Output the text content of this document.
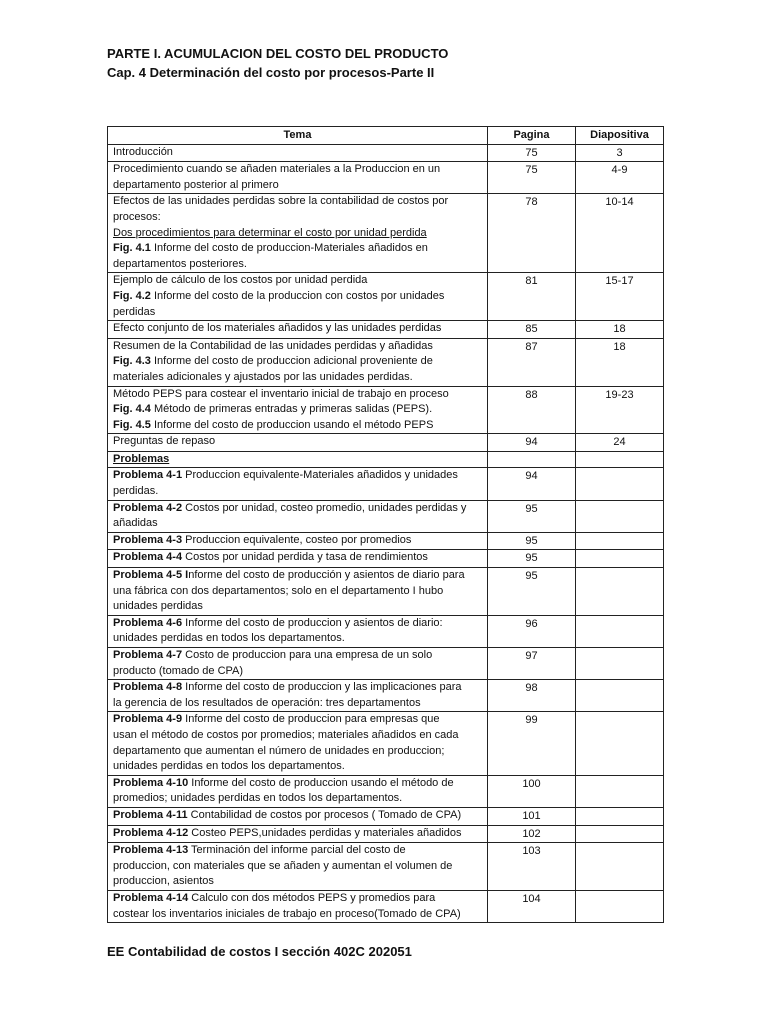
PARTE I. ACUMULACION DEL COSTO DEL PRODUCTO
Cap. 4 Determinación del costo por procesos-Parte II
Tema	Pagina	Diapositiva

Introducción	75	3

Procedimiento cuando se añaden materiales a la Produccion en un
departamento posterior al primero	75	4-9

Efectos de las unidades perdidas sobre la contabilidad de costos por
procesos:
Dos procedimientos para determinar el costo por unidad perdida
Fig. 4.1 Informe del costo de produccion-Materiales añadidos en
departamentos posteriores.	78	10-14

Ejemplo de cálculo de los costos por unidad perdida
Fig. 4.2 Informe del costo de la produccion con costos por unidades
perdidas	81	15-17

Efecto conjunto de los materiales añadidos y las unidades perdidas	85	18

Resumen de la Contabilidad de las unidades perdidas y añadidas
Fig. 4.3 Informe del costo de produccion adicional proveniente de
materiales adicionales y ajustados por las unidades perdidas.	87	18

Método PEPS para costear el inventario inicial de trabajo en proceso
Fig. 4.4 Método de primeras entradas y primeras salidas (PEPS).
Fig. 4.5 Informe del costo de produccion usando el método PEPS	88	19-23

Preguntas de repaso	94	24

Problemas		

Problema 4-1 Produccion equivalente-Materiales añadidos y unidades
perdidas.	94	

Problema 4-2 Costos por unidad, costeo promedio, unidades perdidas y
añadidas	95	

Problema 4-3 Produccion equivalente, costeo por promedios	95	

Problema 4-4 Costos por unidad perdida y tasa de rendimientos	95	

Problema 4-5 Informe del costo de producción y asientos de diario para
una fábrica con dos departamentos; solo en el departamento I hubo
unidades perdidas	95	

Problema 4-6 Informe del costo de produccion y asientos de diario:
unidades perdidas en todos los departamentos.	96	

Problema 4-7 Costo de produccion para una empresa de un solo
producto (tomado de CPA)	97	

Problema 4-8 Informe del costo de produccion y las implicaciones para
la gerencia de los resultados de operación: tres departamentos	98	

Problema 4-9 Informe del costo de produccion para empresas que
usan el método de costos por promedios; materiales añadidos en cada
departamento que aumentan el número de unidades en produccion;
unidades perdidas en todos los departamentos.	99	

Problema 4-10 Informe del costo de produccion usando el método de
promedios; unidades perdidas en todos los departamentos.	100	

Problema 4-11 Contabilidad de costos por procesos ( Tomado de CPA)	101	

Problema 4-12 Costeo PEPS,unidades perdidas y materiales añadidos	102	

Problema 4-13 Terminación del informe parcial del costo de
produccion, con materiales que se añaden y aumentan el volumen de
produccion, asientos	103	

Problema 4-14 Calculo con dos métodos PEPS y promedios para
costear los inventarios iniciales de trabajo en proceso(Tomado de CPA)	104	
EE Contabilidad de costos I sección 402C 202051
